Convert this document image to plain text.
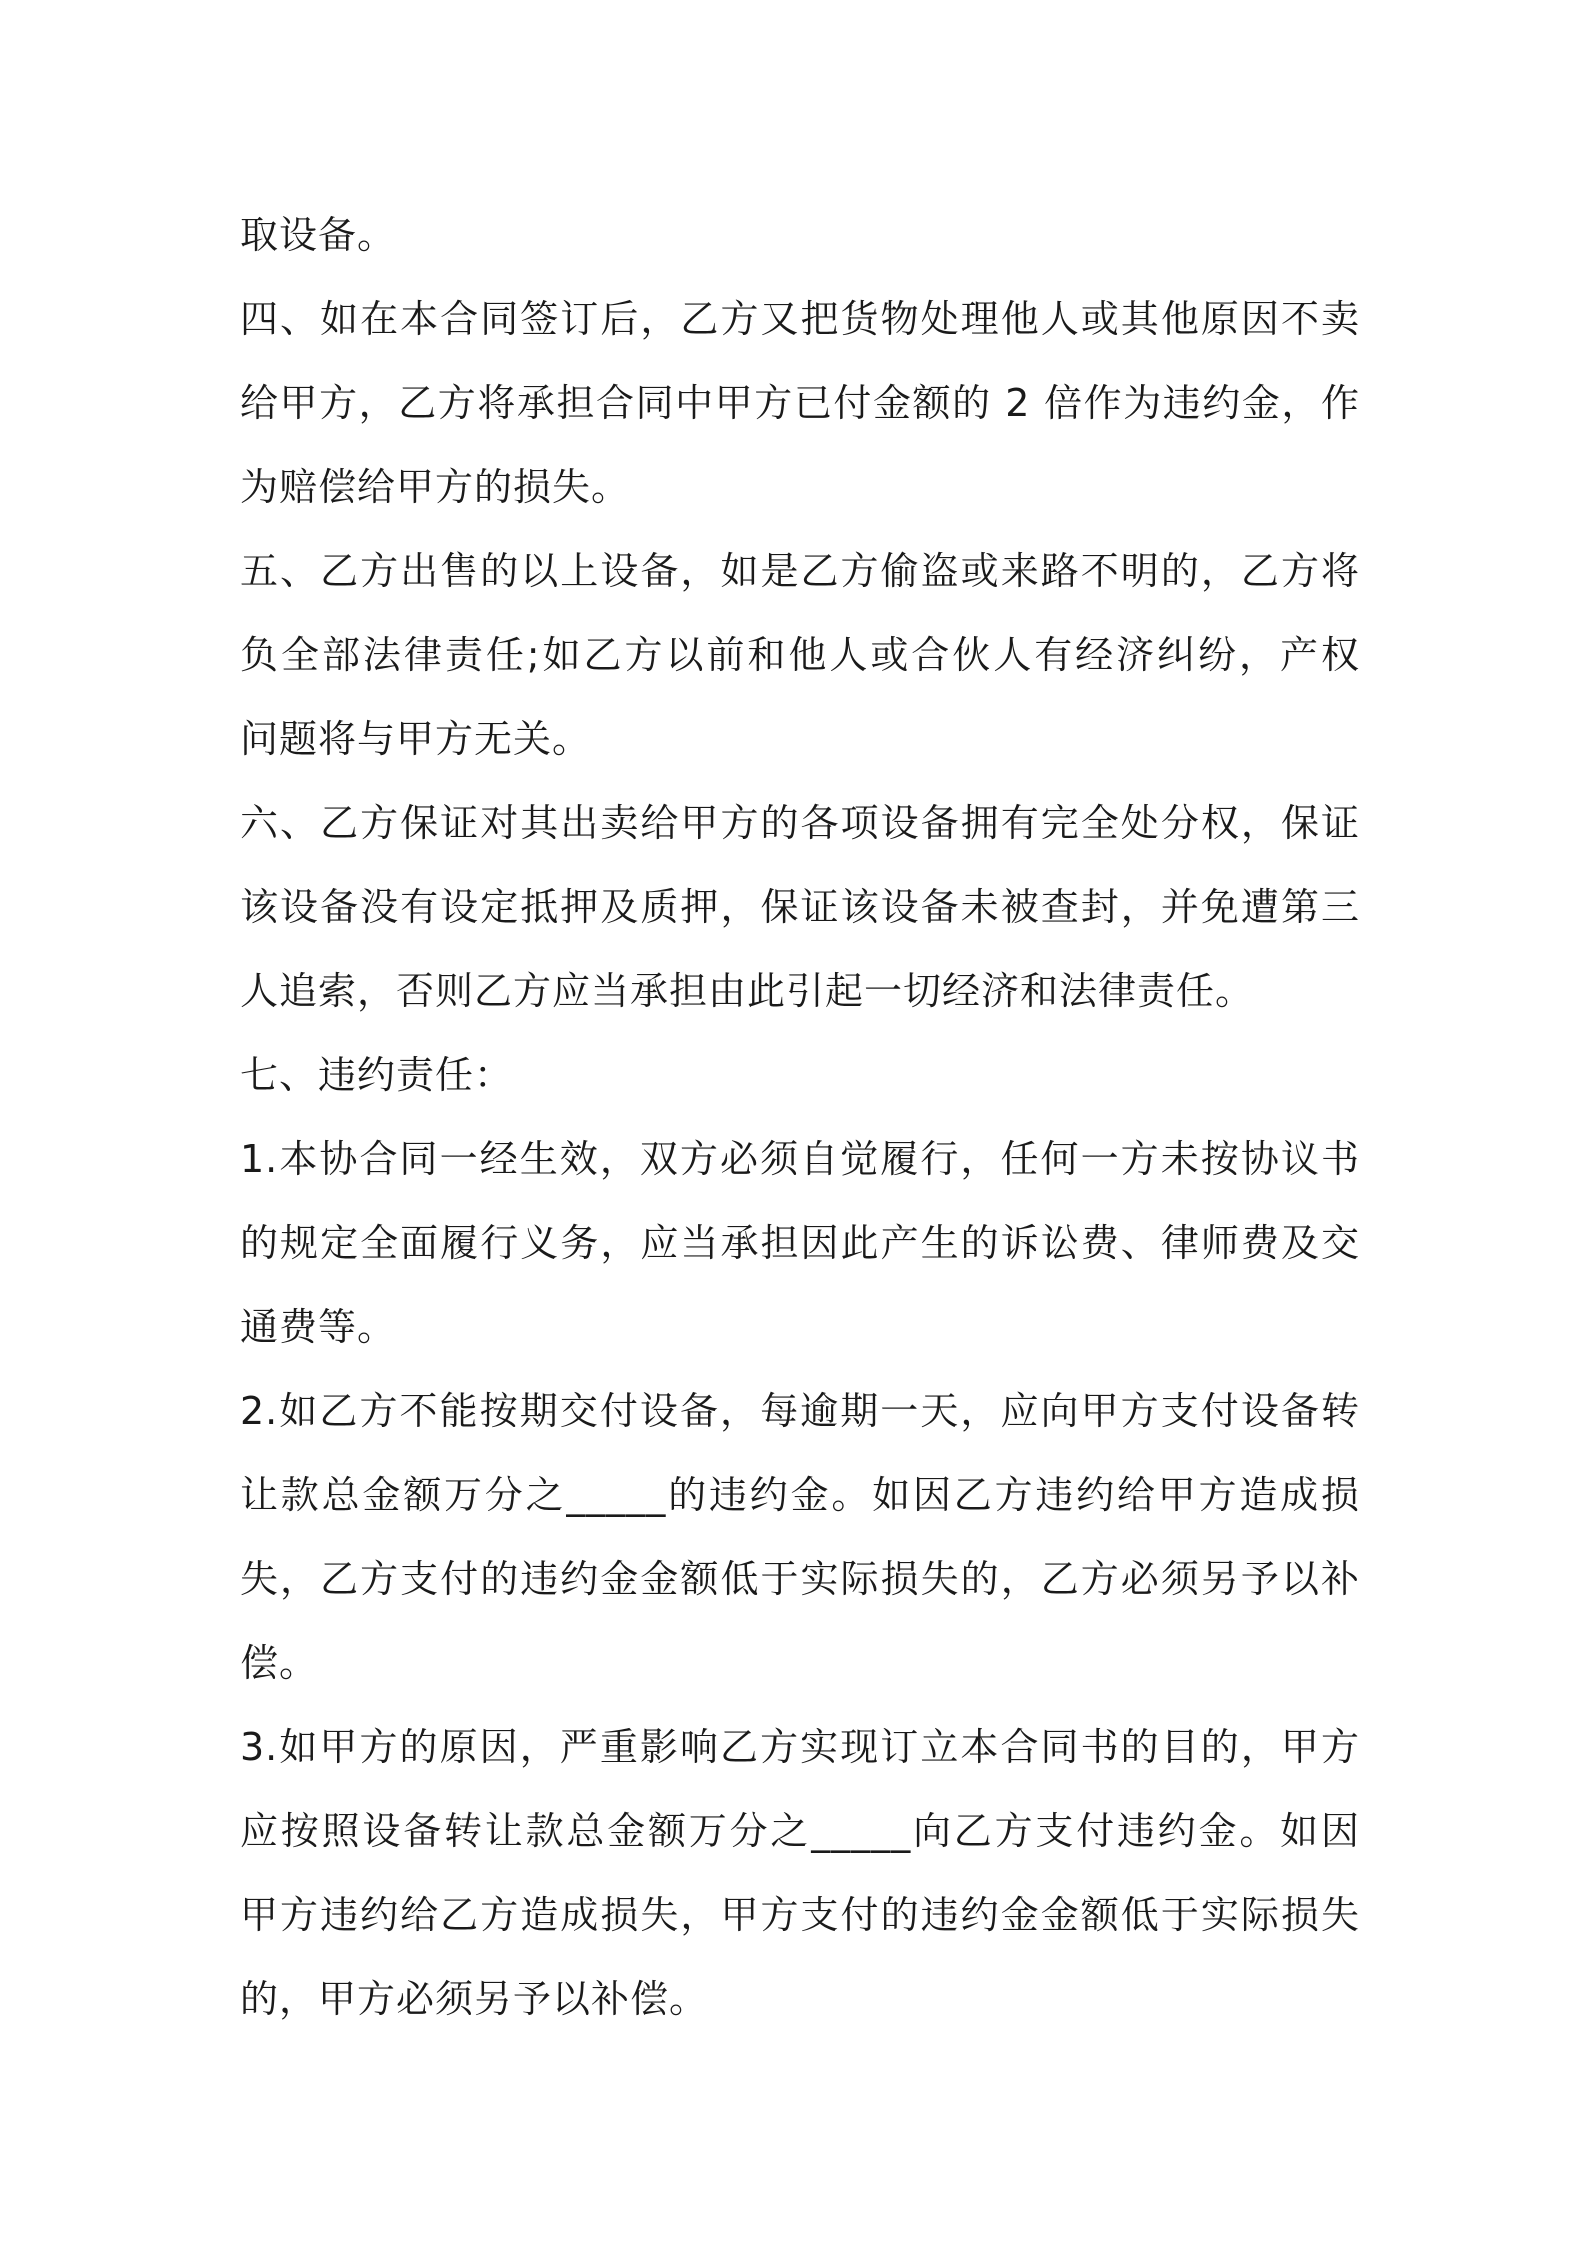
取设备。
四、如在本合同签订后，乙方又把货物处理他人或其他原因不卖
给甲方，乙方将承担合同中甲方已付金额的 2 倍作为违约金，作
为赔偿给甲方的损失。
五、乙方出售的以上设备，如是乙方偷盗或来路不明的，乙方将
负全部法律责任;如乙方以前和他人或合伙人有经济纠纷，产权
问题将与甲方无关。
六、乙方保证对其出卖给甲方的各项设备拥有完全处分权，保证
该设备没有设定抵押及质押，保证该设备未被查封，并免遭第三
人追索，否则乙方应当承担由此引起一切经济和法律责任。
七、违约责任：
1.本协合同一经生效，双方必须自觉履行，任何一方未按协议书
的规定全面履行义务，应当承担因此产生的诉讼费、律师费及交
通费等。
2.如乙方不能按期交付设备，每逾期一天，应向甲方支付设备转
让款总金额万分之_____的违约金。如因乙方违约给甲方造成损
失，乙方支付的违约金金额低于实际损失的，乙方必须另予以补
偿。
3.如甲方的原因，严重影响乙方实现订立本合同书的目的，甲方
应按照设备转让款总金额万分之_____向乙方支付违约金。如因
甲方违约给乙方造成损失，甲方支付的违约金金额低于实际损失
的，甲方必须另予以补偿。
